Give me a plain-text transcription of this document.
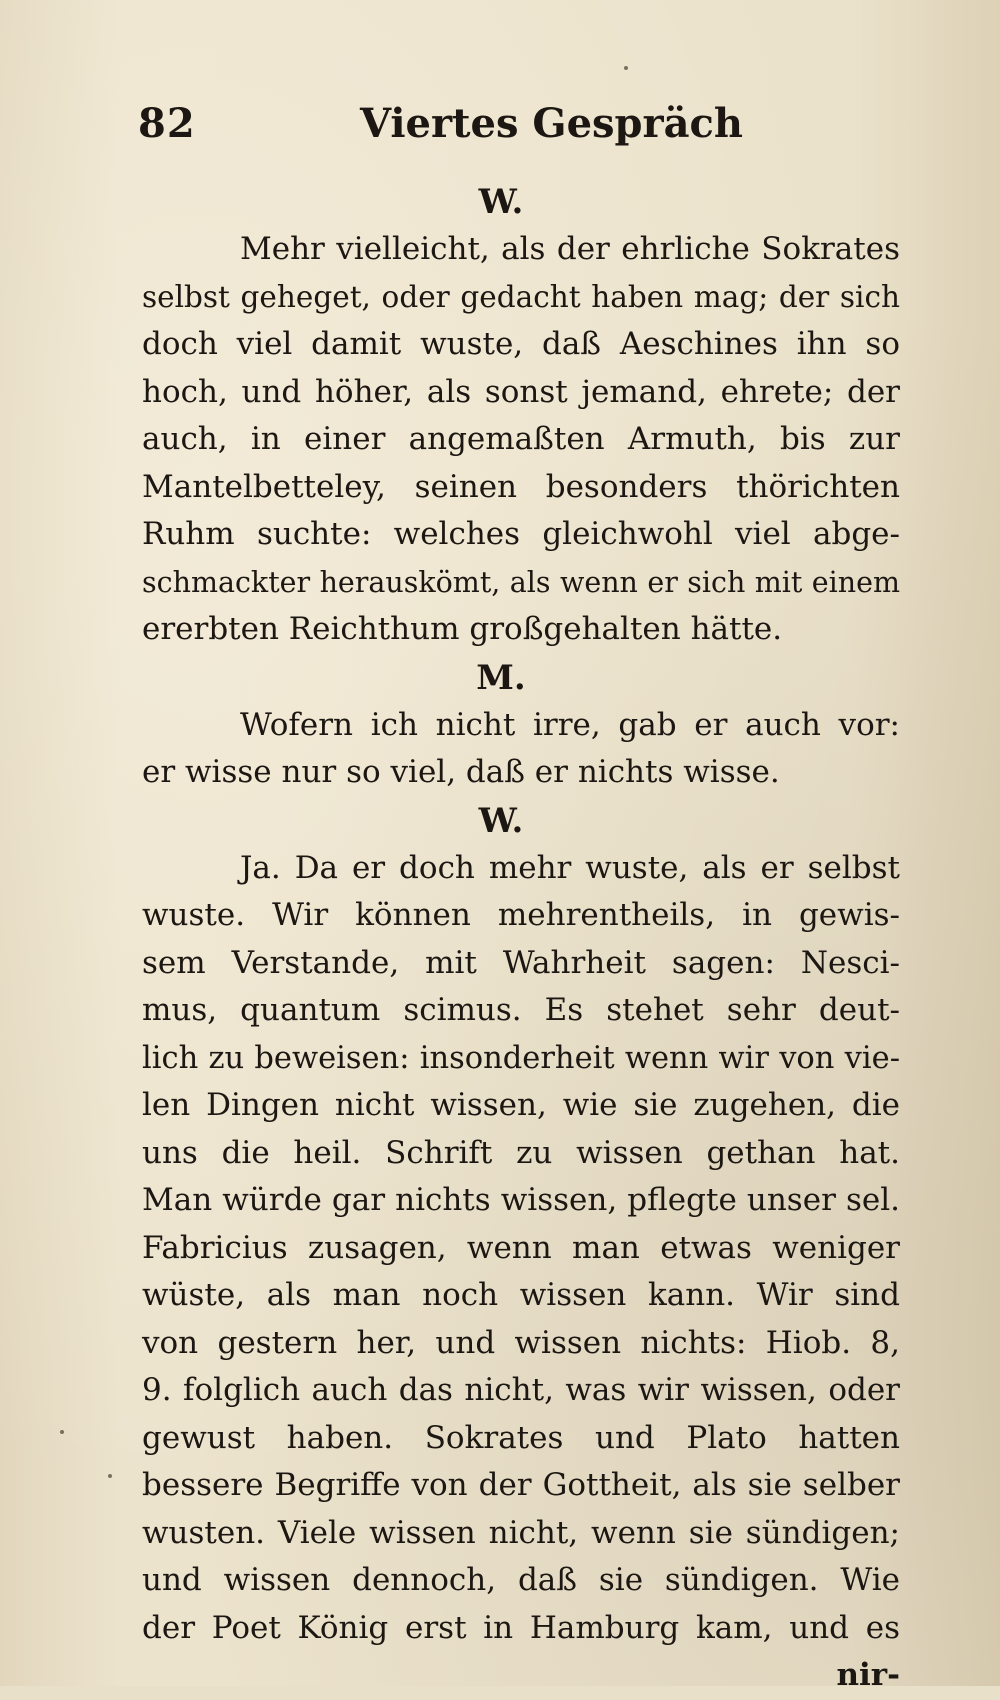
82	Viertes Gespräch
W.
Mehr vielleicht, als der ehrliche Sokrates
selbst geheget, oder gedacht haben mag; der sich
doch viel damit wuste, daß Aeschines ihn so
hoch, und höher, als sonst jemand, ehrete; der
auch, in einer angemaßten Armuth, bis zur
Mantelbetteley, seinen besonders thörichten
Ruhm suchte: welches gleichwohl viel abge-
schmackter herauskömt, als wenn er sich mit einem
ererbten Reichthum großgehalten hätte.
M.
Wofern ich nicht irre, gab er auch vor:
er wisse nur so viel, daß er nichts wisse.
W.
Ja. Da er doch mehr wuste, als er selbst
wuste. Wir können mehrentheils, in gewis-
sem Verstande, mit Wahrheit sagen: Nesci-
mus, quantum scimus. Es stehet sehr deut-
lich zu beweisen: insonderheit wenn wir von vie-
len Dingen nicht wissen, wie sie zugehen, die
uns die heil. Schrift zu wissen gethan hat.
Man würde gar nichts wissen, pflegte unser sel.
Fabricius zusagen, wenn man etwas weniger
wüste, als man noch wissen kann. Wir sind
von gestern her, und wissen nichts: Hiob. 8,
9. folglich auch das nicht, was wir wissen, oder
gewust haben. Sokrates und Plato hatten
bessere Begriffe von der Gottheit, als sie selber
wusten. Viele wissen nicht, wenn sie sündigen;
und wissen dennoch, daß sie sündigen. Wie
der Poet König erst in Hamburg kam, und es
nir-
